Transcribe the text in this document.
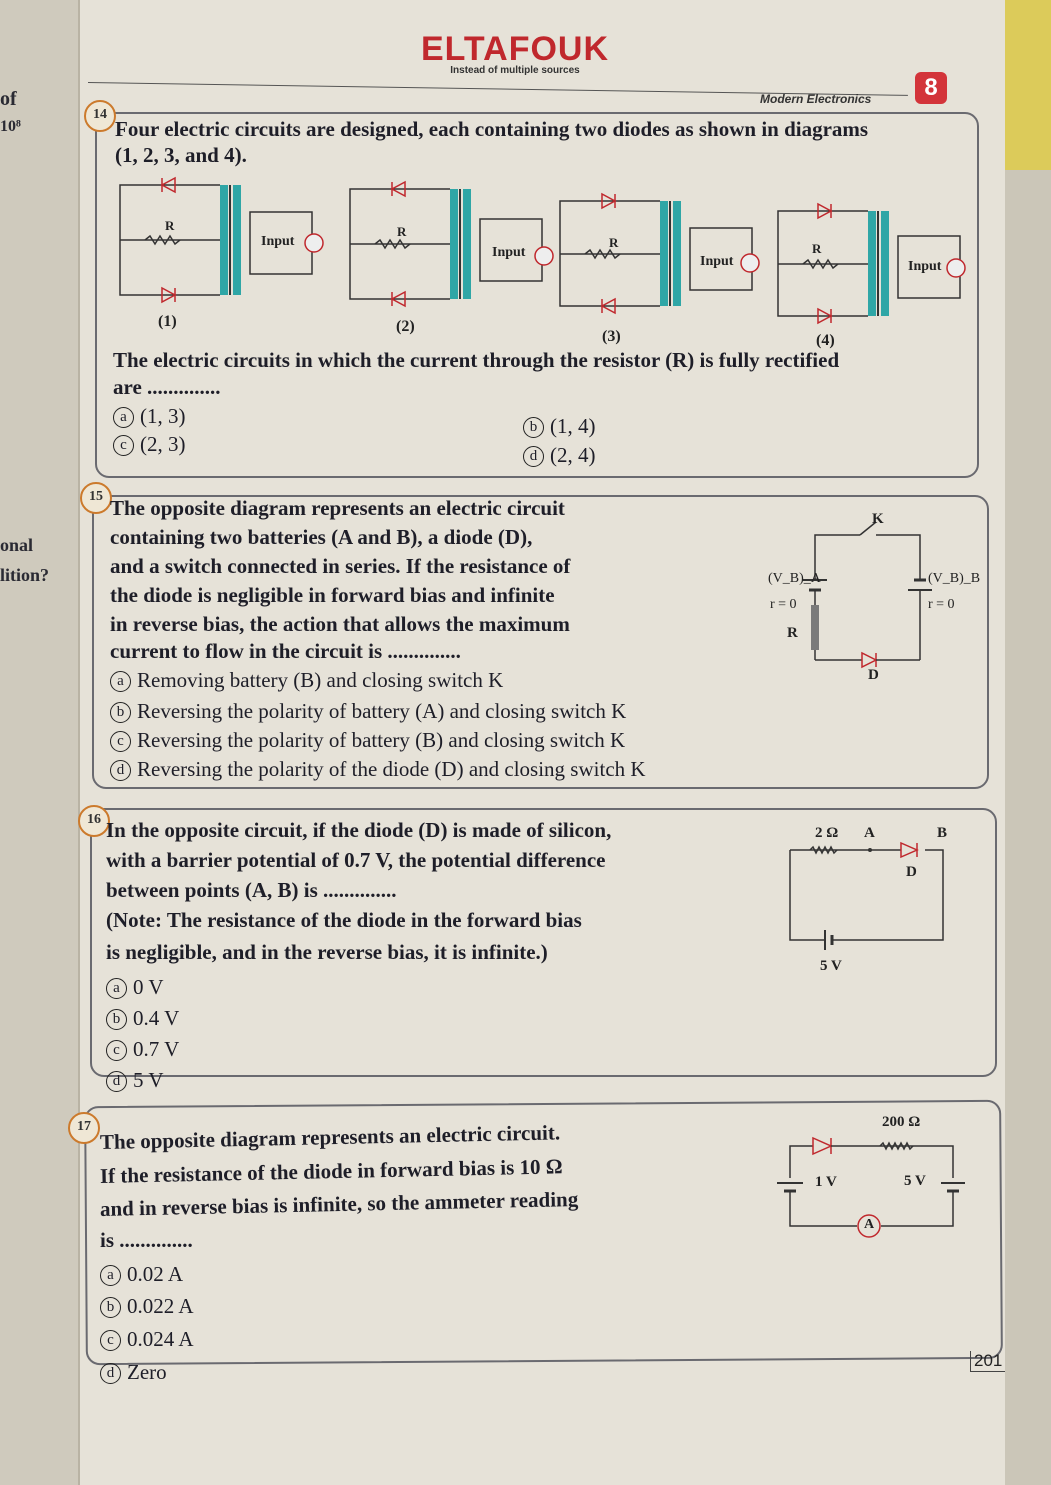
of
10⁸
onal
lition?
ELTAFOUK
Instead of multiple sources
Modern Electronics	8
14
Four electric circuits are designed, each containing two diodes as shown in diagrams
(1, 2, 3, and 4).
R	R
R	R
Input
Input
Input	Input
(1)	(2)
(3)	(4)
The electric circuits in which the current through the resistor (R) is fully rectified
are ..............
a (1, 3)	b (1, 4)
c (2, 3)	d (2, 4)
15 The opposite diagram represents an electric circuit
containing two batteries (A and B), a diode (D),
and a switch connected in series. If the resistance of
the diode is negligible in forward bias and infinite
in reverse bias, the action that allows the maximum
current to flow in the circuit is ..............
a Removing battery (B) and closing switch K
b Reversing the polarity of battery (A) and closing switch K
c Reversing the polarity of battery (B) and closing switch K
d Reversing the polarity of the diode (D) and closing switch K
K
(V_B)_A	(V_B)_B
r = 0	r = 0
R
D
16 In the opposite circuit, if the diode (D) is made of silicon,
with a barrier potential of 0.7 V, the potential difference
between points (A, B) is ..............
(Note: The resistance of the diode in the forward bias
is negligible, and in the reverse bias, it is infinite.)
a 0 V
b 0.4 V
c 0.7 V
d 5 V
2 Ω A	B
D
5 V
17 The opposite diagram represents an electric circuit.
If the resistance of the diode in forward bias is 10 Ω
and in reverse bias is infinite, so the ammeter reading
is ..............
a 0.02 A
b 0.022 A
c 0.024 A
d Zero
200 Ω
1 V	5 V
A
201
